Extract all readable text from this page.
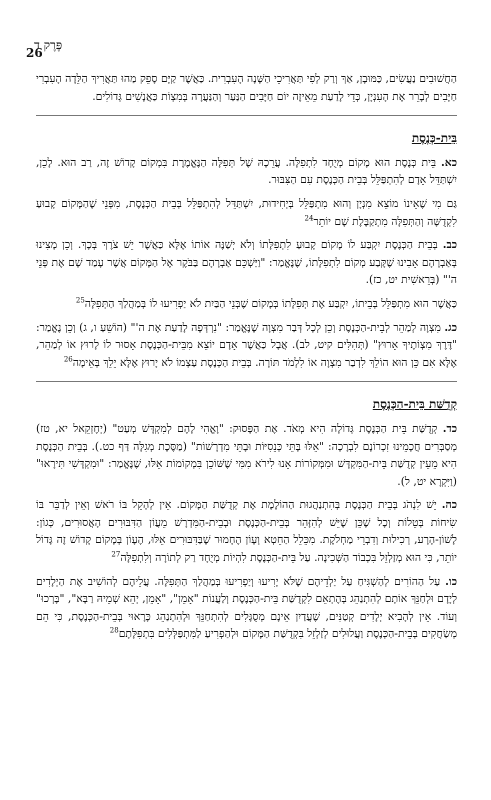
26
פֶּרֶק ד

הַחֲשׁוּבִים נַעֲשִׂים, כַּמּוּבָן, אַךְ וְרַק לְפִי תַּאֲרִיכֵי הַשָּׁנָה הָעִבְרִית. כַּאֲשֶׁר קַיָּם סָפֵק מַהוּ תַּאֲרִיךְ הַלֵּדָה הָעִבְרִי חַיָּבִים לְבָרֵר אֶת הָעִנְיָן, כְּדֵי לָדַעַת מֵאֵיזֶה יוֹם חַיָּבִים הַנַּעַר וְהַנַּעֲרָה בְּמִצְוֹת כַּאֲנָשִׁים גְּדוֹלִים.

בֵּית-כְּנֶסֶת

כא. בֵּית כְּנֶסֶת הוּא מָקוֹם מְיֻחָד לִתְפִלָּה. עֲרֵכָהּ שֶׁל תְּפִלָּה הַנֶּאֱמֶרֶת בִּמְקוֹם קָדוֹשׁ זֶה, רַב הוּא. לָכֵן, יִשְׁתַּדֵּל אָדָם לְהִתְפַּלֵּל בְּבֵית הַכְּנֶסֶת עִם הַצִּבּוּר.

גַּם מִי שֶׁאֵינוֹ מוֹצֵא מִנְיָן וְהוּא מִתְפַּלֵּל בְּיְחִידוּת, יִשְׁתַּדֵּל לְהִתְפַּלֵּל בְּבֵית הַכְּנֶסֶת, מִפְּנֵי שֶׁהַמָּקוֹם קָבוּעַ לִקְדֻשָּׁה וְהַתְּפִלָּה מִתְקַבֶּלֶת שָׁם יוֹתֵר$^{24}$

כב. בְּבֵית הַכְּנֶסֶת יִקְבַּע לוֹ מָקוֹם קָבוּעַ לִתְפִלָּתוֹ וְלֹא יְשַׁנֶּה אוֹתוֹ אֶלָּא כַּאֲשֶׁר יֵשׁ צֹרֶךְ בְּכָךְ. וְכֵן מָצִינוּ בְּאַבְרָהָם אָבִינוּ שֶׁקָּבַע מְקוֹם לִתְפִלָּתוֹ, שֶׁנֶּאֱמַר: "וַיַּשְׁכֵּם אַבְרָהָם בַּבֹּקֶר אֶל הַמָּקוֹם אֲשֶׁר עָמַד שָׁם אֶת פְּנֵי ה'" (בְּרֵאשִׁית יט, כז).

כַּאֲשֶׁר הוּא מִתְפַּלֵּל בְּבֵיתוֹ, יִקְבַּע אֶת תְּפִלָּתוֹ בְּמָקוֹם שֶׁבְּנֵי הַבַּיִת לֹא יַפְרִיעוּ לוֹ בְּמַהֲלַךְ הַתְּפִלָּה$^{25}$

כג. מִצְוָה לְמַהֵר לְבֵית-הַכְּנֶסֶת וְכֵן לְכָל דְּבַר מִצְוָה שֶׁנֶּאֱמַר: "נִרְדְּפָה לָדַעַת אֶת ה'" (הוֹשֵׁעַ ו, ג) וְכֵן נֶאֱמַר: "דֶּרֶךְ מִצְוֹתֶיךָ אָרוּץ" (תְּהִלִּים קיט, לב). אֲבָל כַּאֲשֶׁר אָדָם יוֹצֵא מִבֵּית-הַכְּנֶסֶת אָסוּר לוֹ לָרוּץ אוֹ לְמַהֵר, אֶלָּא אִם כֵּן הוּא הוֹלֵךְ לִדְבַר מִצְוָה אוֹ לִלְמֹד תּוֹרָה. בְּבֵית הַכְּנֶסֶת עַצְמוֹ לֹא יָרוּץ אֶלָּא יֵלֵךְ בְּאֵימָה$^{26}$

קְדֻשַּׁת בֵּית-הַכְּנֶסֶת

כד. קְדֻשַּׁת בֵּית הַכְּנֶסֶת גְּדוֹלָה הִיא מְאֹד. אֶת הַפָּסוּק: "וָאֱהִי לָהֶם לְמִקְדָּשׁ מְעַט" (יְחֶזְקֵאל יא, טז) מְסַבְּרִים חֲכָמֵינוּ זִכְרוֹנָם לִבְרָכָה: "אֵלּוּ בָּתֵּי כְּנֵסִיּוֹת וּבָתֵּי מִדְרָשׁוֹת" (מַסֶּכֶת מְגִלָּה דַּף כט.). בְּבֵית הַכְּנֶסֶת הִיא מֵעֵין קְדֻשַּׁת בֵּית-הַמִּקְדָּשׁ וּמִמְּקוֹרוֹת אָנוּ לִירֹא מִמִּי שֶׁשּׁוֹכֵן בִּמְקוֹמוֹת אֵלּוּ, שֶׁנֶּאֱמַר: "וּמִקְדָּשִׁי תִּירָאוּ" (וַיִּקְרָא יט, ל).

כה. יֵשׁ לִנְהֹג בְּבֵית הַכְּנֶסֶת בְּהִתְנַהֲגוּת הַהוֹלֶמֶת אֶת קְדֻשַּׁת הַמָּקוֹם. אֵין לְהָקֵל בּוֹ רֹאשׁ וְאֵין לְדַבֵּר בּוֹ שִׂיחוֹת בְּטֵלוֹת וְכָל שֶׁכֵּן שֶׁיֵּשׁ לְהִזָּהֵר בְּבֵית-הַכְּנֶסֶת וּבְבֵית-הַמִּדְרָשׁ מֵעֲוֹן הַדִּבּוּרִים הָאֲסוּרִים, כְּגוֹן: לָשׁוֹן-הָרָע, רְכִילוּת וְדִבְרֵי מַחְלֹקֶת. מִכֵּלֵל הַחֵטְא וְעָוֹן הֶחָמוּר שֶׁבַּדִּבּוּרִים אֵלּוּ, הֶעָוֹן בְּמָקוֹם קָדוֹשׁ זֶה גָּדוֹל יוֹתֵר, כִּי הוּא מְזַלְזֵל בִּכְבוֹד הַשְּׁכִינָה. עַל בֵּית-הַכְּנֶסֶת לִהְיוֹת מְיֻחָד רַק לְתוֹרָה וְלִתְפִלָּה$^{27}$

כו. עַל הַהוֹרִים לְהַשְׁגִּיחַ עַל יַלְדֵיהֶם שֶׁלֹּא יָרִיעוּ וְיַפְרִיעוּ בְּמַהֲלַךְ הַתְּפִלָּה. עֲלֵיהֶם לְהוֹשִׁיב אֶת הַיְלָדִים לְיָדָם וּלְחַנֵּךְ אוֹתָם לְהִתְנַהֵג בְּהֶתְאֵם לִקְדֻשַּׁת בֵּית-הַכְּנֶסֶת וְלַעֲנוֹת "אָמֵן", "אָמֵן, יְהֵא שְׁמֵיהּ רַבָּא", "בָּרְכוּ" וְעוֹד. אֵין לְהָבִיא יְלָדִים קְטַנִּים, שֶׁעֲדַיִן אֵינָם מְסֻגָּלִים לְהִתְחַנֵּךְ וּלְהִתְנַהֵג כָּרָאוּי בְּבֵית-הַכְּנֶסֶת, כִּי הֵם מְשַׂחֲקִים בְּבֵית-הַכְּנֶסֶת וַעֲלוּלִים לְזַלְזֵל בִּקְדֻשַּׁת הַמָּקוֹם וּלְהַפְרִיעַ לַמִּתְפַּלְּלִים בִּתְפִלָּתָם$^{28}$
